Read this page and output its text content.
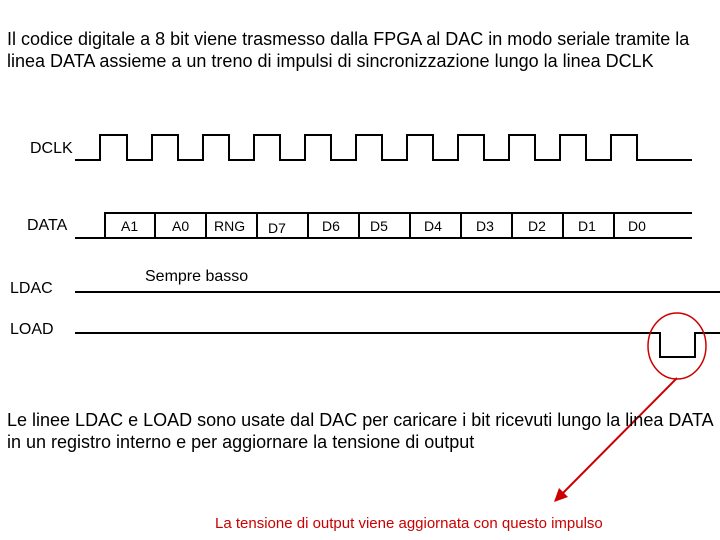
Il codice digitale a 8 bit viene trasmesso dalla FPGA al DAC in modo seriale tramite la linea DATA assieme a un treno di impulsi di sincronizzazione lungo la linea DCLK

DCLK
DATA
LDAC
LOAD
A1 A0 RNG D7	D6 D5	D4 D3 D2 D1 D0
Sempre basso

Le linee LDAC e LOAD sono usate dal DAC per caricare i bit ricevuti lungo la linea DATA in un registro interno e per aggiornare la tensione di output

La tensione di output viene aggiornata con questo impulso
